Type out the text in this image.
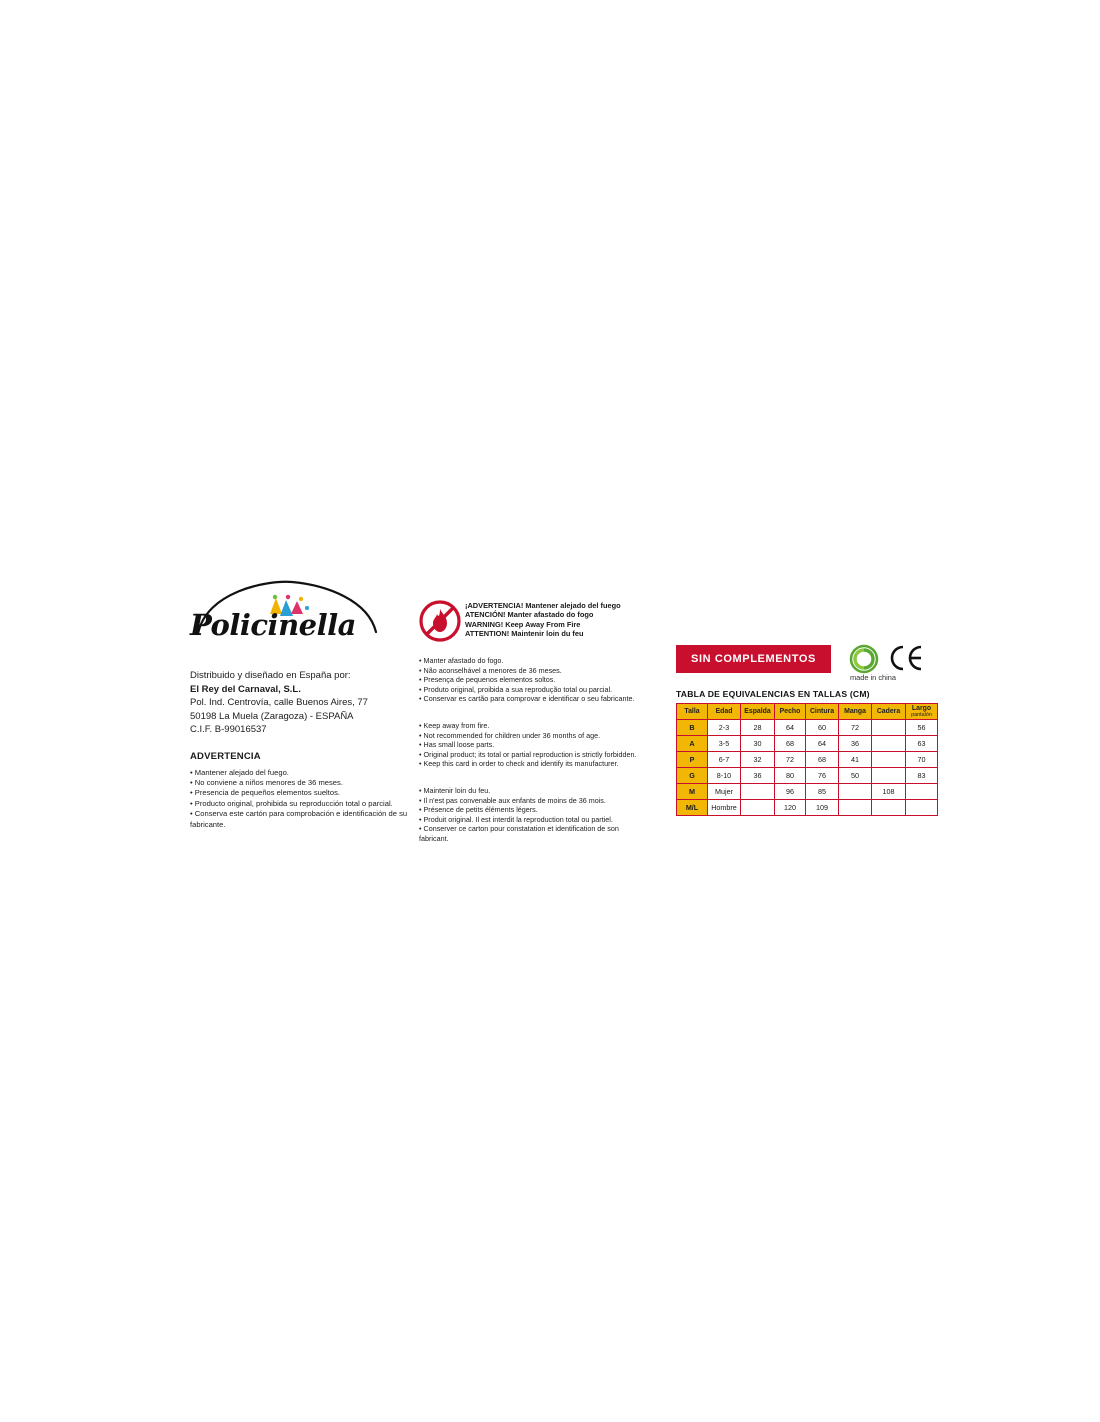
Policinella
Distribuido y diseñado en España por:
El Rey del Carnaval, S.L.
Pol. Ind. Centrovía, calle Buenos Aires, 77
50198 La Muela (Zaragoza) - ESPAÑA
C.I.F. B-99016537
ADVERTENCIA
• Mantener alejado del fuego.
• No conviene a niños menores de 36 meses.
• Presencia de pequeños elementos sueltos.
• Producto original, prohibida su reproducción total o parcial.
• Conserva este cartón para comprobación e identificación de su fabricante.
¡ADVERTENCIA! Mantener alejado del fuego
ATENCIÓN! Manter afastado do fogo
WARNING! Keep Away From Fire
ATTENTION! Maintenir loin du feu
• Manter afastado do fogo.
• Não aconselhável a menores de 36 meses.
• Presença de pequenos elementos soltos.
• Produto original, proibida a sua reprodução total ou parcial.
• Conservar es cartão para comprovar e identificar o seu fabricante.
• Keep away from fire.
• Not recommended for children under 36 months of age.
• Has small loose parts.
• Original product; its total or partial reproduction is strictly forbidden.
• Keep this card in order to check and identify its manufacturer.
• Maintenir loin du feu.
• Il n'est pas convenable aux enfants de moins de 36 mois.
• Présence de petits éléments légers.
• Produit original. Il est interdit la reproduction total ou partiel.
• Conserver ce carton pour constatation et identification de son fabricant.
SIN COMPLEMENTOS
made in china
TABLA DE EQUIVALENCIAS EN TALLAS (CM)
Talla	Edad	Espalda	Pecho	Cintura	Manga	Cadera	Largo
pantalón

B	2-3	28	64	60	72		56
A	3-5	30	68	64	36		63
P	6-7	32	72	68	41		70
G	8-10	36	80	76	50		83
M	Mujer		96	85		108	
M/L	Hombre		120	109			
